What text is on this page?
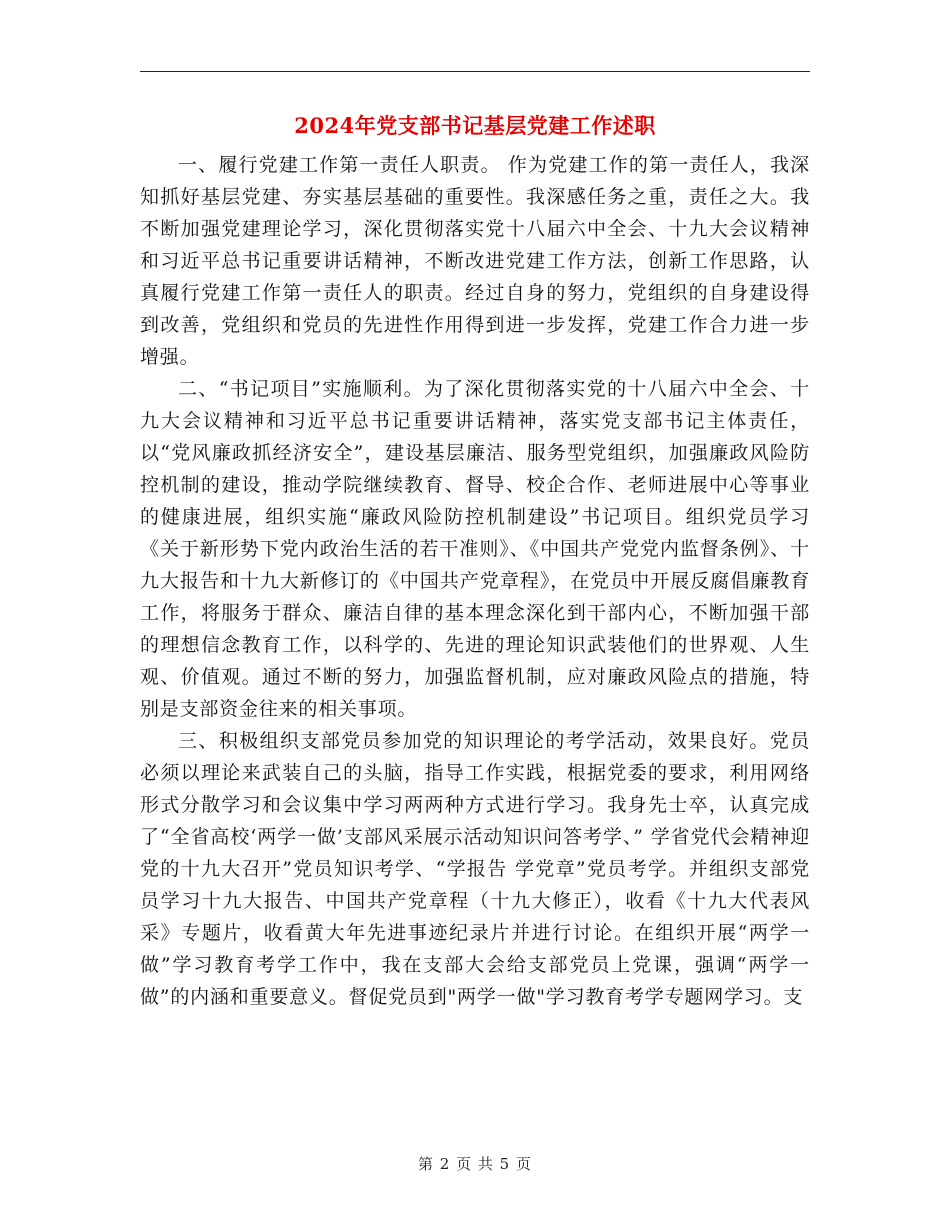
2024年党支部书记基层党建工作述职

一、履行党建工作第一责任人职责。 作为党建工作的第一责任人，我深知抓好基层党建、夯实基层基础的重要性。我深感任务之重，责任之大。我不断加强党建理论学习，深化贯彻落实党十八届六中全会、十九大会议精神和习近平总书记重要讲话精神，不断改进党建工作方法，创新工作思路，认真履行党建工作第一责任人的职责。经过自身的努力，党组织的自身建设得到改善，党组织和党员的先进性作用得到进一步发挥，党建工作合力进一步增强。

二、“书记项目”实施顺利。为了深化贯彻落实党的十八届六中全会、十九大会议精神和习近平总书记重要讲话精神，落实党支部书记主体责任，以“党风廉政抓经济安全”，建设基层廉洁、服务型党组织，加强廉政风险防控机制的建设，推动学院继续教育、督导、校企合作、老师进展中心等事业的健康进展，组织实施“廉政风险防控机制建设”书记项目。组织党员学习《关于新形势下党内政治生活的若干准则》、《中国共产党党内监督条例》、十九大报告和十九大新修订的《中国共产党章程》，在党员中开展反腐倡廉教育工作，将服务于群众、廉洁自律的基本理念深化到干部内心，不断加强干部的理想信念教育工作，以科学的、先进的理论知识武装他们的世界观、人生观、价值观。通过不断的努力，加强监督机制，应对廉政风险点的措施，特别是支部资金往来的相关事项。

三、积极组织支部党员参加党的知识理论的考学活动，效果良好。党员必须以理论来武装自己的头脑，指导工作实践，根据党委的要求，利用网络形式分散学习和会议集中学习两两种方式进行学习。我身先士卒，认真完成了“全省高校‘两学一做’支部风采展示活动知识问答考学、” 学省党代会精神迎党的十九大召开”党员知识考学、“学报告 学党章”党员考学。并组织支部党员学习十九大报告、中国共产党章程（十九大修正），收看《十九大代表风采》专题片，收看黄大年先进事迹纪录片并进行讨论。在组织开展“两学一做”学习教育考学工作中，我在支部大会给支部党员上党课，强调“两学一做”的内涵和重要意义。督促党员到"两学一做"学习教育考学专题网学习。支

第 2 页 共 5 页
